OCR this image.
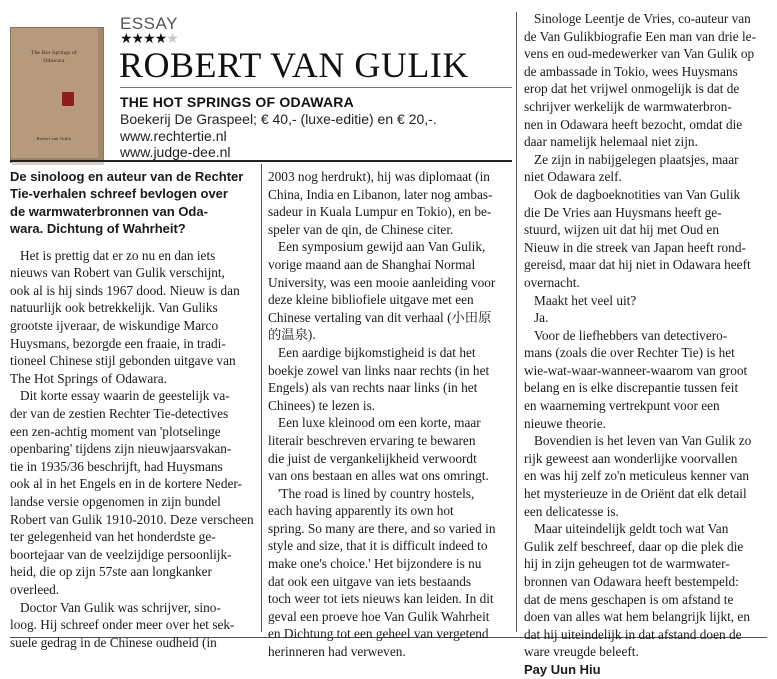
The Hot Springs of
Odawara
Robert van Gulik
ESSAY
★★★★★
ROBERT VAN GULIK
THE HOT SPRINGS OF ODAWARA
Boekerij De Graspeel; € 40,- (luxe-editie) en € 20,-.
www.rechtertie.nl
www.judge-dee.nl
De sinoloog en auteur van de Rechter
Tie-verhalen schreef bevlogen over
de warmwaterbronnen van Oda-
wara. Dichtung of Wahrheit?
Het is prettig dat er zo nu en dan iets
nieuws van Robert van Gulik verschijnt,
ook al is hij sinds 1967 dood. Nieuw is dan
natuurlijk ook betrekkelijk. Van Guliks
grootste ijveraar, de wiskundige Marco
Huysmans, bezorgde een fraaie, in tradi-
tioneel Chinese stijl gebonden uitgave van
The Hot Springs of Odawara.
Dit korte essay waarin de geestelijk va-
der van de zestien Rechter Tie-detectives
een zen-achtig moment van 'plotselinge
openbaring' tijdens zijn nieuwjaarsvakan-
tie in 1935/36 beschrijft, had Huysmans
ook al in het Engels en in de kortere Neder-
landse versie opgenomen in zijn bundel
Robert van Gulik 1910-2010. Deze verscheen
ter gelegenheid van het honderdste ge-
boortejaar van de veelzijdige persoonlijk-
heid, die op zijn 57ste aan longkanker
overleed.
Doctor Van Gulik was schrijver, sino-
loog. Hij schreef onder meer over het sek-
suele gedrag in de Chinese oudheid (in
2003 nog herdrukt), hij was diplomaat (in
China, India en Libanon, later nog ambas-
sadeur in Kuala Lumpur en Tokio), en be-
speler van de qin, de Chinese citer.
Een symposium gewijd aan Van Gulik,
vorige maand aan de Shanghai Normal
University, was een mooie aanleiding voor
deze kleine bibliofiele uitgave met een
Chinese vertaling van dit verhaal (小田原
的温泉).
Een aardige bijkomstigheid is dat het
boekje zowel van links naar rechts (in het
Engels) als van rechts naar links (in het
Chinees) te lezen is.
Een luxe kleinood om een korte, maar
literair beschreven ervaring te bewaren
die juist de vergankelijkheid verwoordt
van ons bestaan en alles wat ons omringt.
'The road is lined by country hostels,
each having apparently its own hot
spring. So many are there, and so varied in
style and size, that it is difficult indeed to
make one's choice.' Het bijzondere is nu
dat ook een uitgave van iets bestaands
toch weer tot iets nieuws kan leiden. In dit
geval een proeve hoe Van Gulik Wahrheit
en Dichtung tot een geheel van vergetend
herinneren had verweven.
Sinologe Leentje de Vries, co-auteur van
de Van Gulikbiografie Een man van drie le-
vens en oud-medewerker van Van Gulik op
de ambassade in Tokio, wees Huysmans
erop dat het vrijwel onmogelijk is dat de
schrijver werkelijk de warmwaterbron-
nen in Odawara heeft bezocht, omdat die
daar namelijk helemaal niet zijn.
Ze zijn in nabijgelegen plaatsjes, maar
niet Odawara zelf.
Ook de dagboeknotities van Van Gulik
die De Vries aan Huysmans heeft ge-
stuurd, wijzen uit dat hij met Oud en
Nieuw in die streek van Japan heeft rond-
gereisd, maar dat hij niet in Odawara heeft
overnacht.
Maakt het veel uit?
Ja.
Voor de liefhebbers van detectivero-
mans (zoals die over Rechter Tie) is het
wie-wat-waar-wanneer-waarom van groot
belang en is elke discrepantie tussen feit
en waarneming vertrekpunt voor een
nieuwe theorie.
Bovendien is het leven van Van Gulik zo
rijk geweest aan wonderlijke voorvallen
en was hij zelf zo'n meticuleus kenner van
het mysterieuze in de Oriënt dat elk detail
een delicatesse is.
Maar uiteindelijk geldt toch wat Van
Gulik zelf beschreef, daar op die plek die
hij in zijn geheugen tot de warmwater-
bronnen van Odawara heeft bestempeld:
dat de mens geschapen is om afstand te
doen van alles wat hem belangrijk lijkt, en
dat hij uiteindelijk in dat afstand doen de
ware vreugde beleeft.
Pay Uun Hiu
